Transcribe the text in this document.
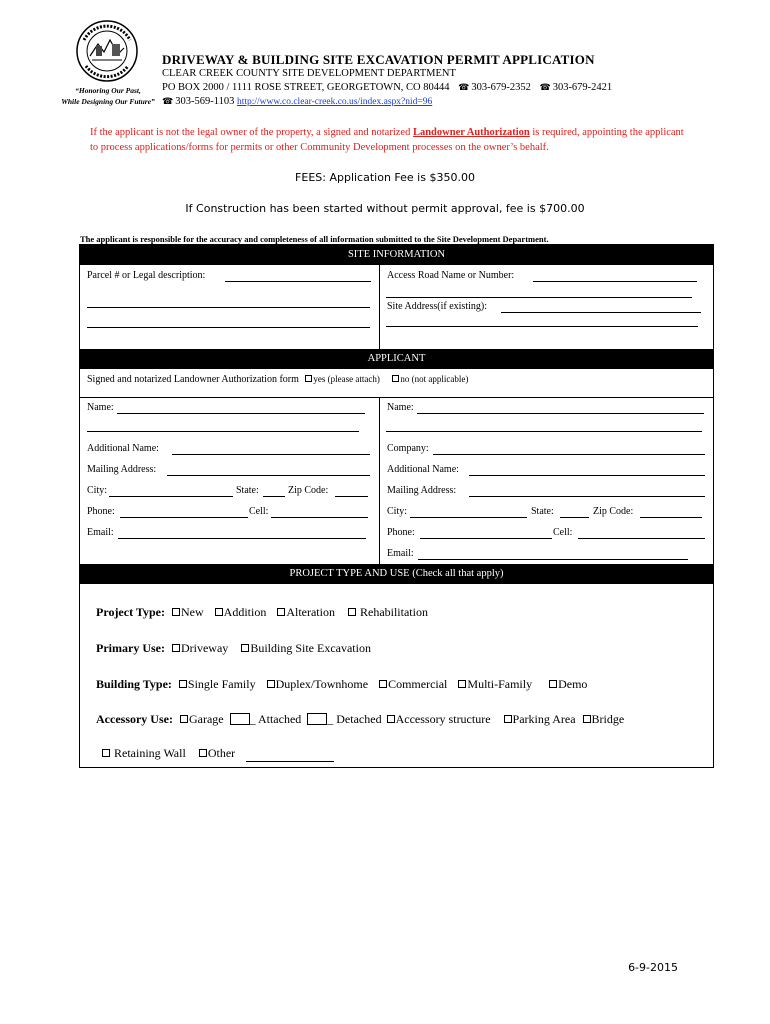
“Honoring Our Past,
While Designing Our Future”
DRIVEWAY & BUILDING SITE EXCAVATION PERMIT APPLICATION
CLEAR CREEK COUNTY SITE DEVELOPMENT DEPARTMENT
PO BOX 2000 / 1111 ROSE STREET, GEORGETOWN, CO 80444 ☎ 303-679-2352 ☎ 303-679-2421
☎ 303-569-1103 http://www.co.clear-creek.co.us/index.aspx?nid=96
If the applicant is not the legal owner of the property, a signed and notarized Landowner Authorization is required, appointing the applicant to process applications/forms for permits or other Community Development processes on the owner’s behalf.
FEES: Application Fee is $350.00
If Construction has been started without permit approval, fee is $700.00
The applicant is responsible for the accuracy and completeness of all information submitted to the Site Development Department.
SITE INFORMATION
Parcel # or Legal description:	Access Road Name or Number:
Site Address(if existing):
APPLICANT
Signed and notarized Landowner Authorization form yes (please attach) no (not applicable)
Name:
Additional Name:
Mailing Address:
City:	State:	Zip Code:
Phone:	Cell:
Email:
Name:
Company:
Additional Name:
Mailing Address:
City:	State:	Zip Code:
Phone:	Cell:
Email:
PROJECT TYPE AND USE (Check all that apply)
Project Type: New Addition Alteration Rehabilitation
Primary Use: Driveway Building Site Excavation
Building Type: Single Family Duplex/Townhome Commercial Multi-Family Demo
Accessory Use: Garage _ Attached _ Detached Accessory structure Parking Area Bridge
Retaining Wall Other
6-9-2015
